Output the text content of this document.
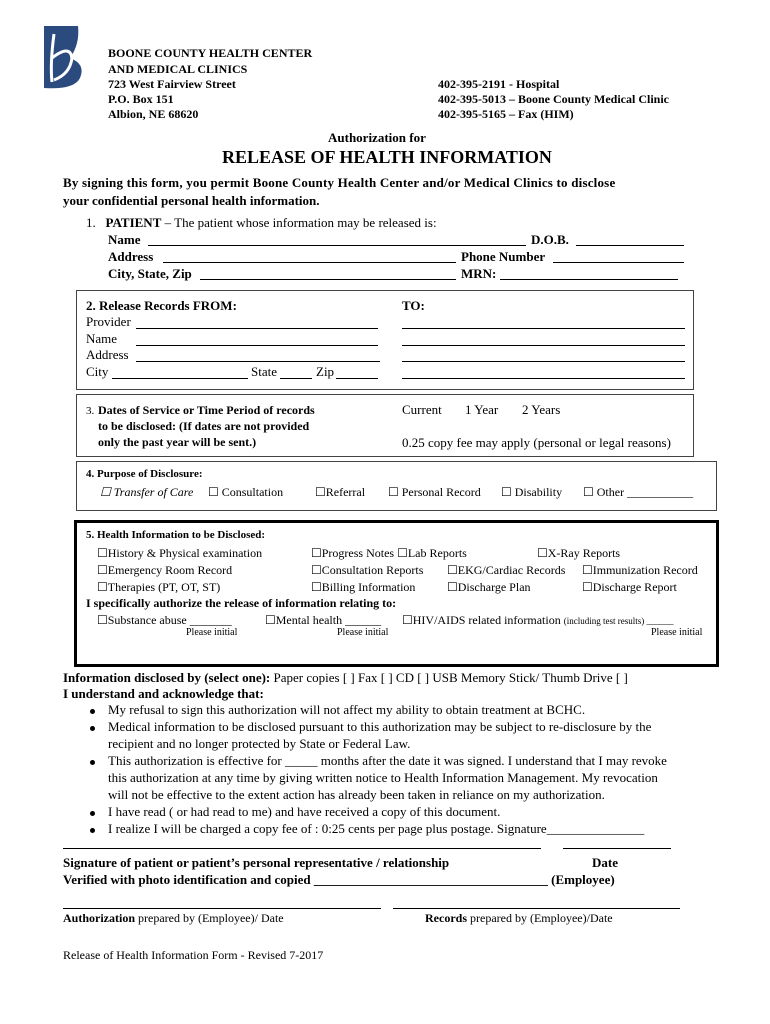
BOONE COUNTY HEALTH CENTER
AND MEDICAL CLINICS
723 West Fairview Street
P.O. Box 151
Albion, NE 68620
402-395-2191 - Hospital
402-395-5013 – Boone County Medical Clinic
402-395-5165 – Fax (HIM)
Authorization for
RELEASE OF HEALTH INFORMATION
By signing this form, you permit Boone County Health Center and/or Medical Clinics to disclose
your confidential personal health information.
1. PATIENT – The patient whose information may be released is:
Name	D.O.B.
Address	Phone Number
City, State, Zip	MRN:
2. Release Records FROM:	TO:
Provider
Name
Address
City	State	Zip
3. Dates of Service or Time Period of records
to be disclosed: (If dates are not provided
only the past year will be sent.)
Current 1 Year 2 Years
0.25 copy fee may apply (personal or legal reasons)
4. Purpose of Disclosure:
☐ Transfer of Care ☐ Consultation	☐Referral ☐ Personal Record ☐ Disability ☐ Other ___________
5. Health Information to be Disclosed:
☐History & Physical examination	☐Progress Notes ☐Lab Reports	☐X-Ray Reports
☐Emergency Room Record	☐Consultation Reports ☐EKG/Cardiac Records ☐Immunization Record
☐Therapies (PT, OT, ST)	☐Billing Information	☐Discharge Plan	☐Discharge Report
I specifically authorize the release of information relating to:
☐Substance abuse _______	☐Mental health ______ ☐HIV/AIDS related information (including test results) ______
Please initial	Please initial	Please initial
Information disclosed by (select one): Paper copies [ ] Fax [ ] CD [ ] USB Memory Stick/ Thumb Drive [ ]
I understand and acknowledge that:
My refusal to sign this authorization will not affect my ability to obtain treatment at BCHC.
Medical information to be disclosed pursuant to this authorization may be subject to re-disclosure by the
recipient and no longer protected by State or Federal Law.
This authorization is effective for _____ months after the date it was signed. I understand that I may revoke
this authorization at any time by giving written notice to Health Information Management. My revocation
will not be effective to the extent action has already been taken in reliance on my authorization.
I have read ( or had read to me) and have received a copy of this document.
I realize I will be charged a copy fee of : 0:25 cents per page plus postage. Signature_______________
Signature of patient or patient’s personal representative / relationship	Date
Verified with photo identification and copied ____________________________________ (Employee)
Authorization prepared by (Employee)/ Date	Records prepared by (Employee)/Date
Release of Health Information Form - Revised 7-2017
